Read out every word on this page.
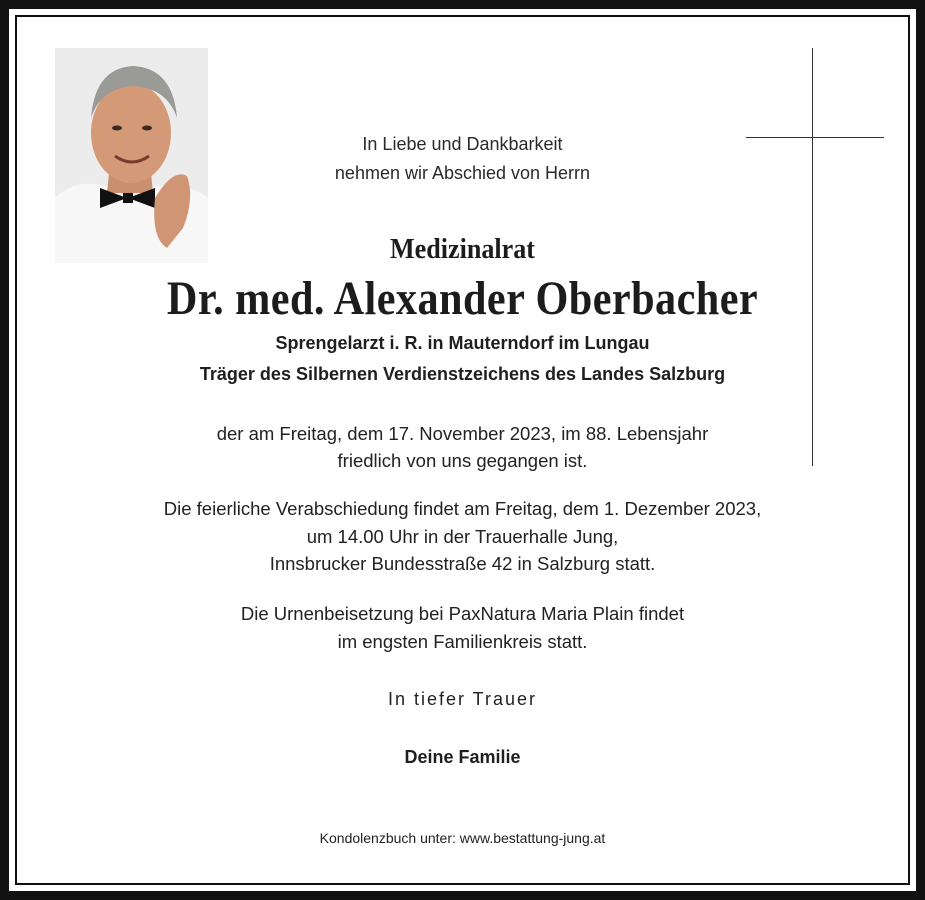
In Liebe und Dankbarkeit
nehmen wir Abschied von Herrn
Medizinalrat
Dr. med. Alexander Oberbacher
Sprengelarzt i. R. in Mauterndorf im Lungau
Träger des Silbernen Verdienstzeichens des Landes Salzburg
der am Freitag, dem 17. November 2023, im 88. Lebensjahr
friedlich von uns gegangen ist.
Die feierliche Verabschiedung findet am Freitag, dem 1. Dezember 2023,
um 14.00 Uhr in der Trauerhalle Jung,
Innsbrucker Bundesstraße 42 in Salzburg statt.
Die Urnenbeisetzung bei PaxNatura Maria Plain findet
im engsten Familienkreis statt.
In tiefer Trauer
Deine Familie
Kondolenzbuch unter: www.bestattung-jung.at
